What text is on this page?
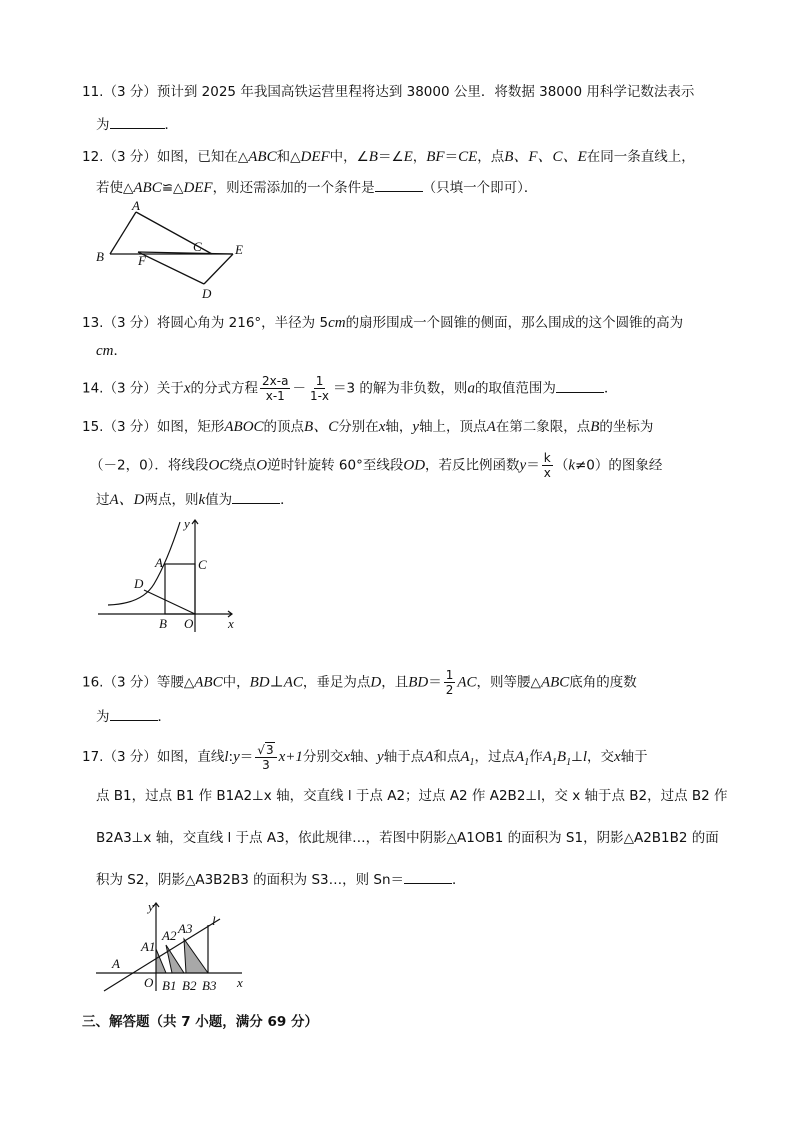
11.（3 分）预计到 2025 年我国高铁运营里程将达到 38000 公里．将数据 38000 用科学记数法表示
为	．
12.（3 分）如图，已知在△ABC和△DEF中，∠B＝∠E，BF＝CE，点B、F、C、E在同一条直线上，
若使△ABC≌△DEF，则还需添加的一个条件是	（只填一个即可）．
A
B
C	E
F
D
13.（3 分）将圆心角为 216°，半径为 5cm的扇形围成一个圆锥的侧面，那么围成的这个圆锥的高为
cm．
14.（3 分）关于x的分式方程 $\frac{2x-a}{x-1} - \frac{1}{1-x} =3$ 的解为非负数，则a的取值范围为	．
15.（3 分）如图，矩形ABOC的顶点B、C分别在x轴，y轴上，顶点A在第二象限，点B的坐标为
（－2，0）．将线段OC绕点O逆时针旋转 60°至线段OD，若反比例函数$y= \frac{k}{x} (k\ne 0)$的图象经
过A、D两点，则k值为	．
y
A	C
D
B O	x
16.（3 分）等腰△ABC中，BD⊥AC，垂足为点D，且$BD= \frac{1}{2}$ AC，则等腰△ABC底角的度数
为	．
17.（3 分）如图，直线l:y＝ $\frac{√3}{3} x+1$分别交x轴、y轴于点A和点$A_1$，过点$A_1$作$A_1B_1\perp l$，交x轴于
点 B1，过点 B1 作 B1A2⊥x 轴，交直线 l 于点 A2；过点 A2 作 A2B2⊥l，交 x 轴于点 B2，过点 B2 作
B2A3⊥x 轴，交直线 l 于点 A3，依此规律…，若图中阴影△A1OB1 的面积为 S1，阴影△A2B1B2 的面
积为 S2，阴影△A3B2B3 的面积为 S3…，则 Sn＝	．
y
l
A1
A2 A3
A
O B1 B2 B3 x
三、解答题（共 7 小题，满分 69 分）
